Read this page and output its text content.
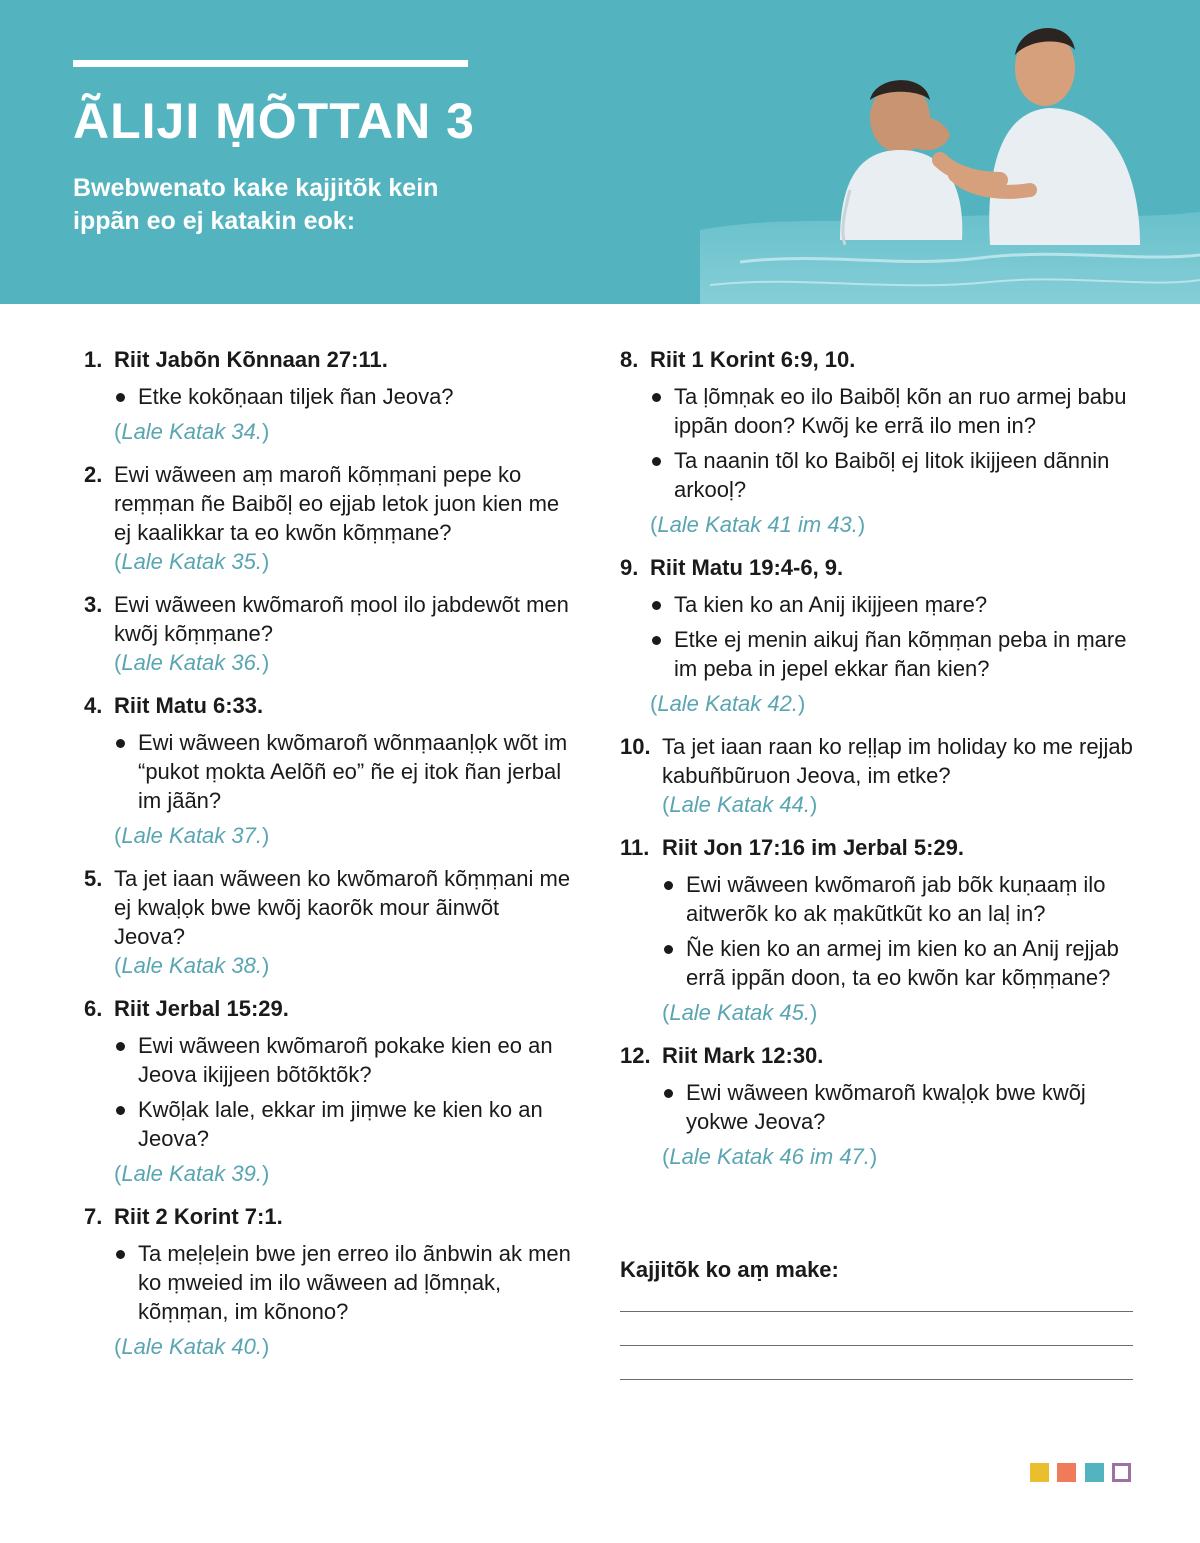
ÃLIJI ṂÕTTAN 3

Bwebwenato kake kajjitõk kein ippãn eo ej katakin eok:

1. Riit Jabõn Kõnnaan 27:11.
Etke kokõṇaan tiljek ñan Jeova?
(Lale Katak 34.)
2. Ewi wãween aṃ maroñ kõṃṃani pepe ko reṃṃan ñe Baibõḷ eo ejjab letok juon kien me ej kaalikkar ta eo kwõn kõṃṃane?

(Lale Katak 35.)
3. Ewi wãween kwõmaroñ ṃool ilo jabdewõt men kwõj kõṃṃane?

(Lale Katak 36.)
4. Riit Matu 6:33.
Ewi wãween kwõmaroñ wõnṃaanḷọk wõt im “pukot ṃokta Aelõñ eo” ñe ej itok ñan jerbal im jããn?
(Lale Katak 37.)
5. Ta jet iaan wãween ko kwõmaroñ kõṃṃani me ej kwaḷọk bwe kwõj kaorõk mour ãinwõt Jeova?

(Lale Katak 38.)
6. Riit Jerbal 15:29.
Ewi wãween kwõmaroñ pokake kien eo an Jeova ikijjeen bõtõktõk?
Kwõḷak lale, ekkar im jiṃwe ke kien ko an Jeova?
(Lale Katak 39.)
7. Riit 2 Korint 7:1.
Ta meḷeḷein bwe jen erreo ilo ãnbwin ak men ko ṃweied im ilo wãween ad ḷõmṇak, kõṃṃan, im kõnono?
(Lale Katak 40.)
8. Riit 1 Korint 6:9, 10.
Ta ḷõmṇak eo ilo Baibõḷ kõn an ruo armej babu ippãn doon? Kwõj ke errã ilo men in?
Ta naanin tõl ko Baibõḷ ej litok ikijjeen dãnnin arkooḷ?
(Lale Katak 41 im 43.)
9. Riit Matu 19:4-6, 9.
Ta kien ko an Anij ikijjeen ṃare?
Etke ej menin aikuj ñan kõṃṃan peba in ṃare im peba in jepel ekkar ñan kien?
(Lale Katak 42.)
10. Ta jet iaan raan ko reḷḷap im holiday ko me rejjab kabuñbũruon Jeova, im etke?

(Lale Katak 44.)
11. Riit Jon 17:16 im Jerbal 5:29.
Ewi wãween kwõmaroñ jab bõk kuṇaaṃ ilo aitwerõk ko ak ṃakũtkũt ko an laḷ in?
Ñe kien ko an armej im kien ko an Anij rejjab errã ippãn doon, ta eo kwõn kar kõṃṃane?
(Lale Katak 45.)
12. Riit Mark 12:30.
Ewi wãween kwõmaroñ kwaḷọk bwe kwõj yokwe Jeova?
(Lale Katak 46 im 47.)

Kajjitõk ko aṃ make:
